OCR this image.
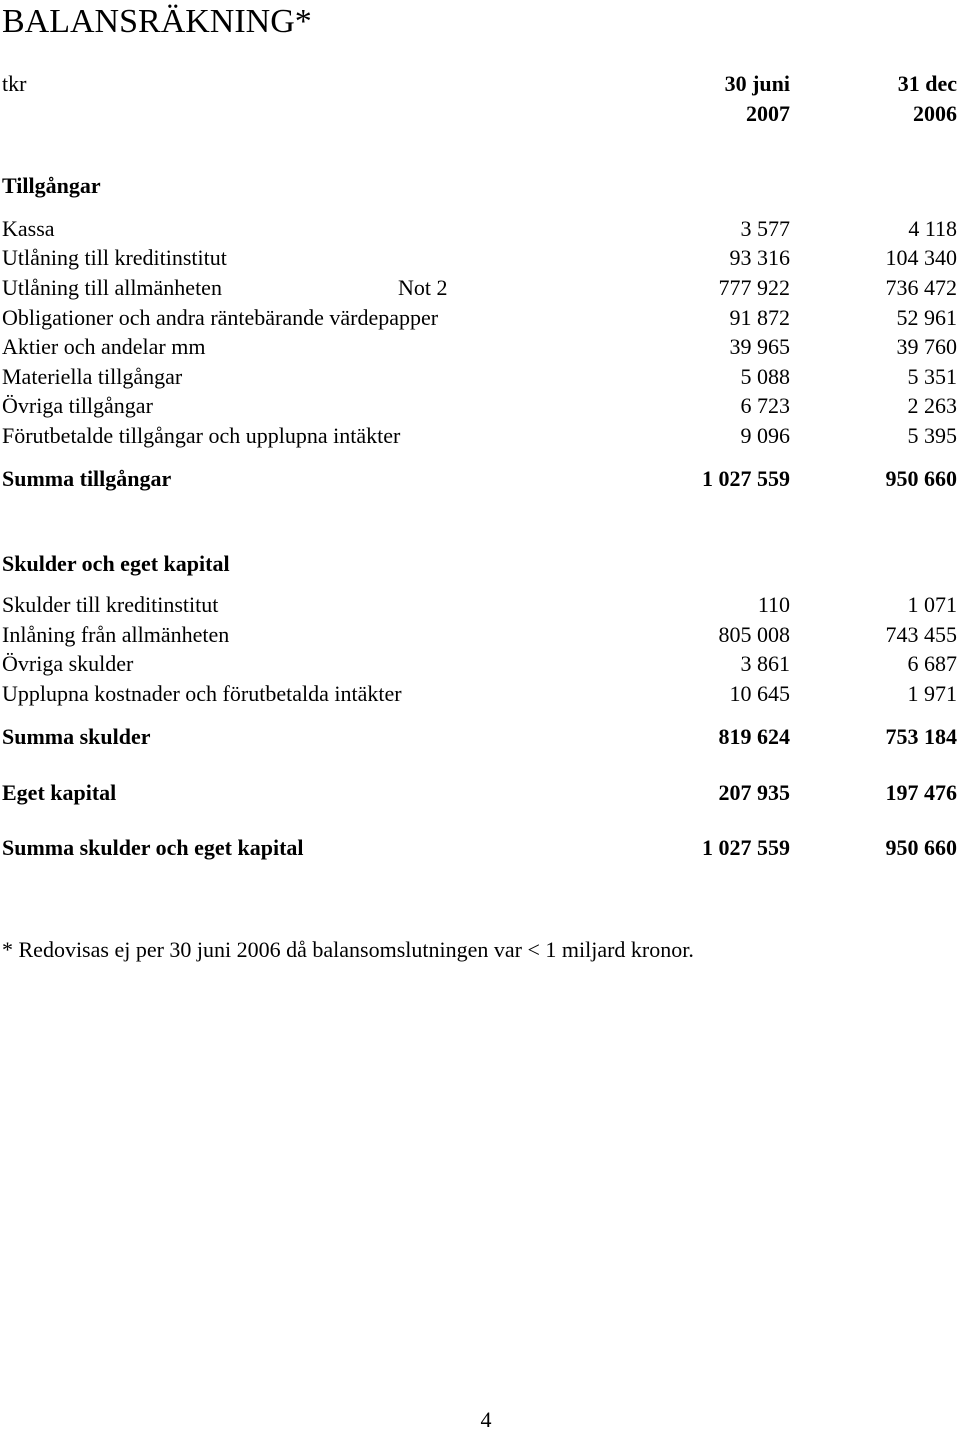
BALANSRÄKNING*
tkr	30 juni	31 dec
2007	2006
Tillgångar
Kassa	3 577	4 118
Utlåning till kreditinstitut	93 316	104 340
Utlåning till allmänheten	Not 2	777 922	736 472
Obligationer och andra räntebärande värdepapper	91 872	52 961
Aktier och andelar mm	39 965	39 760
Materiella tillgångar	5 088	5 351
Övriga tillgångar	6 723	2 263
Förutbetalde tillgångar och upplupna intäkter	9 096	5 395
Summa tillgångar	1 027 559	950 660
Skulder och eget kapital
Skulder till kreditinstitut	110	1 071
Inlåning från allmänheten	805 008	743 455
Övriga skulder	3 861	6 687
Upplupna kostnader och förutbetalda intäkter	10 645	1 971
Summa skulder	819 624	753 184
Eget kapital	207 935	197 476
Summa skulder och eget kapital	1 027 559	950 660
* Redovisas ej per 30 juni 2006 då balansomslutningen var < 1 miljard kronor.
4
